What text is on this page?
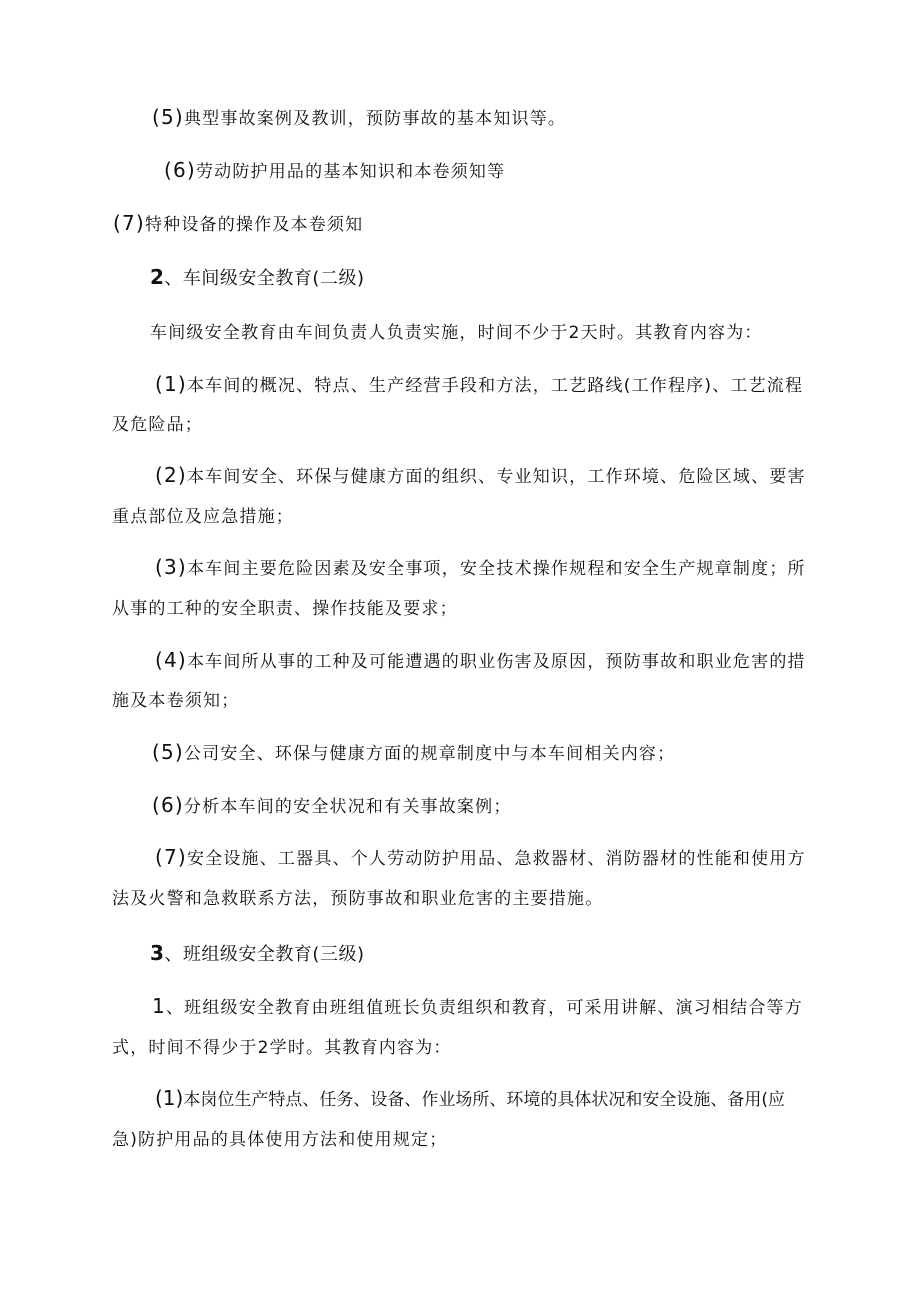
(5)典型事故案例及教训，预防事故的基本知识等。
(6)劳动防护用品的基本知识和本卷须知等
(7)特种设备的操作及本卷须知
2、车间级安全教育(二级)
车间级安全教育由车间负责人负责实施，时间不少于2天时。其教育内容为：
(1)本车间的概况、特点、生产经营手段和方法，工艺路线(工作程序)、工艺流程
及危险品；
(2)本车间安全、环保与健康方面的组织、专业知识，工作环境、危险区域、要害
重点部位及应急措施；
(3)本车间主要危险因素及安全事项，安全技术操作规程和安全生产规章制度；所
从事的工种的安全职责、操作技能及要求；
(4)本车间所从事的工种及可能遭遇的职业伤害及原因，预防事故和职业危害的措
施及本卷须知；
(5)公司安全、环保与健康方面的规章制度中与本车间相关内容；
(6)分析本车间的安全状况和有关事故案例；
(7)安全设施、工器具、个人劳动防护用品、急救器材、消防器材的性能和使用方
法及火警和急救联系方法，预防事故和职业危害的主要措施。
3、班组级安全教育(三级)
1、班组级安全教育由班组值班长负责组织和教育，可采用讲解、演习相结合等方
式，时间不得少于2学时。其教育内容为：
(1)本岗位生产特点、任务、设备、作业场所、环境的具体状况和安全设施、备用(应
急)防护用品的具体使用方法和使用规定；
